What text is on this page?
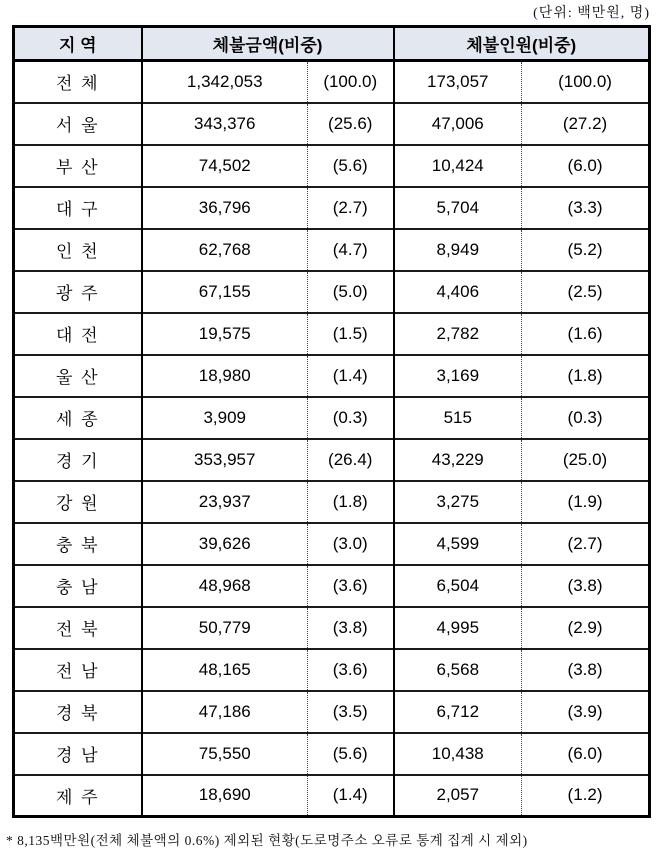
(단위: 백만원, 명)
지 역	체불금액(비중)		체불인원(비중)	
전 체	1,342,053	(100.0)	173,057	(100.0)
서 울	343,376	(25.6)	47,006	(27.2)
부 산	74,502	(5.6)	10,424	(6.0)
대 구	36,796	(2.7)	5,704	(3.3)
인 천	62,768	(4.7)	8,949	(5.2)
광 주	67,155	(5.0)	4,406	(2.5)
대 전	19,575	(1.5)	2,782	(1.6)
울 산	18,980	(1.4)	3,169	(1.8)
세 종	3,909	(0.3)	515	(0.3)
경 기	353,957	(26.4)	43,229	(25.0)
강 원	23,937	(1.8)	3,275	(1.9)
충 북	39,626	(3.0)	4,599	(2.7)
충 남	48,968	(3.6)	6,504	(3.8)
전 북	50,779	(3.8)	4,995	(2.9)
전 남	48,165	(3.6)	6,568	(3.8)
경 북	47,186	(3.5)	6,712	(3.9)
경 남	75,550	(5.6)	10,438	(6.0)
제 주	18,690	(1.4)	2,057	(1.2)
* 8,135백만원(전체 체불액의 0.6%) 제외된 현황(도로명주소 오류로 통계 집계 시 제외)
